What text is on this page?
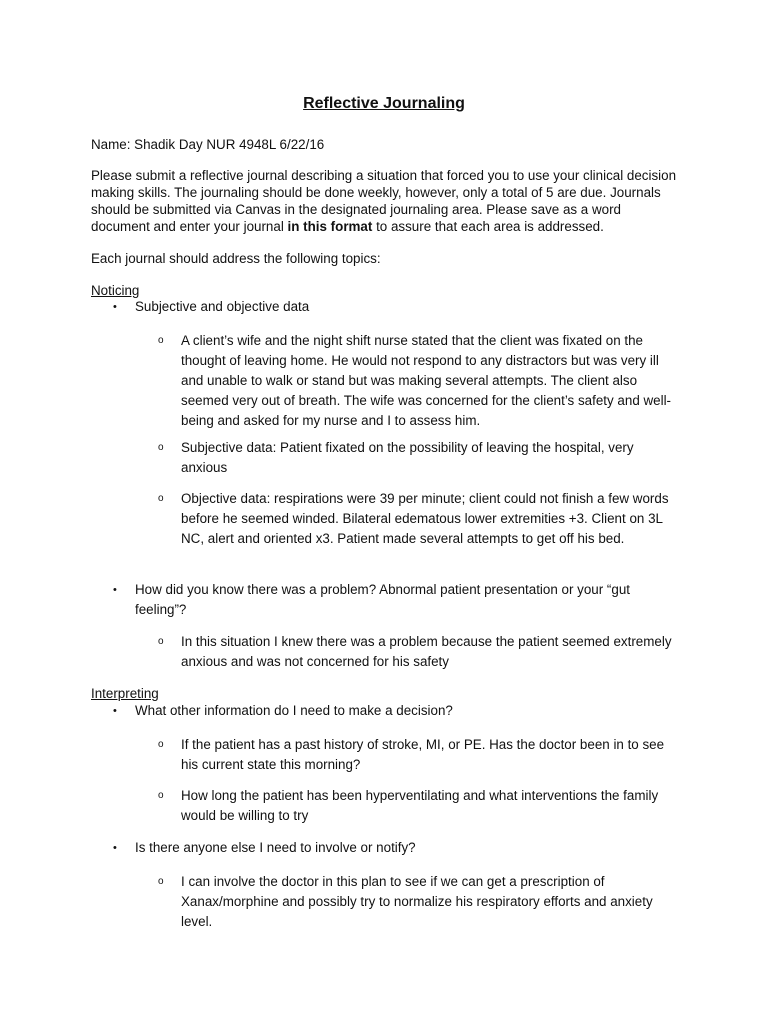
Reflective Journaling
Name: Shadik Day NUR 4948L 6/22/16
Please submit a reflective journal describing a situation that forced you to use your clinical decision making skills. The journaling should be done weekly, however, only a total of 5 are due. Journals should be submitted via Canvas in the designated journaling area. Please save as a word document and enter your journal in this format to assure that each area is addressed.
Each journal should address the following topics:
Noticing
• Subjective and objective data
o A client’s wife and the night shift nurse stated that the client was fixated on the thought of leaving home. He would not respond to any distractors but was very ill and unable to walk or stand but was making several attempts. The client also seemed very out of breath. The wife was concerned for the client’s safety and well-being and asked for my nurse and I to assess him.
o Subjective data: Patient fixated on the possibility of leaving the hospital, very anxious
o Objective data: respirations were 39 per minute; client could not finish a few words before he seemed winded. Bilateral edematous lower extremities +3. Client on 3L NC, alert and oriented x3. Patient made several attempts to get off his bed.
• How did you know there was a problem? Abnormal patient presentation or your “gut feeling”?
o In this situation I knew there was a problem because the patient seemed extremely anxious and was not concerned for his safety
Interpreting
• What other information do I need to make a decision?
o If the patient has a past history of stroke, MI, or PE. Has the doctor been in to see his current state this morning?
o How long the patient has been hyperventilating and what interventions the family would be willing to try
• Is there anyone else I need to involve or notify?
o I can involve the doctor in this plan to see if we can get a prescription of Xanax/morphine and possibly try to normalize his respiratory efforts and anxiety level.
